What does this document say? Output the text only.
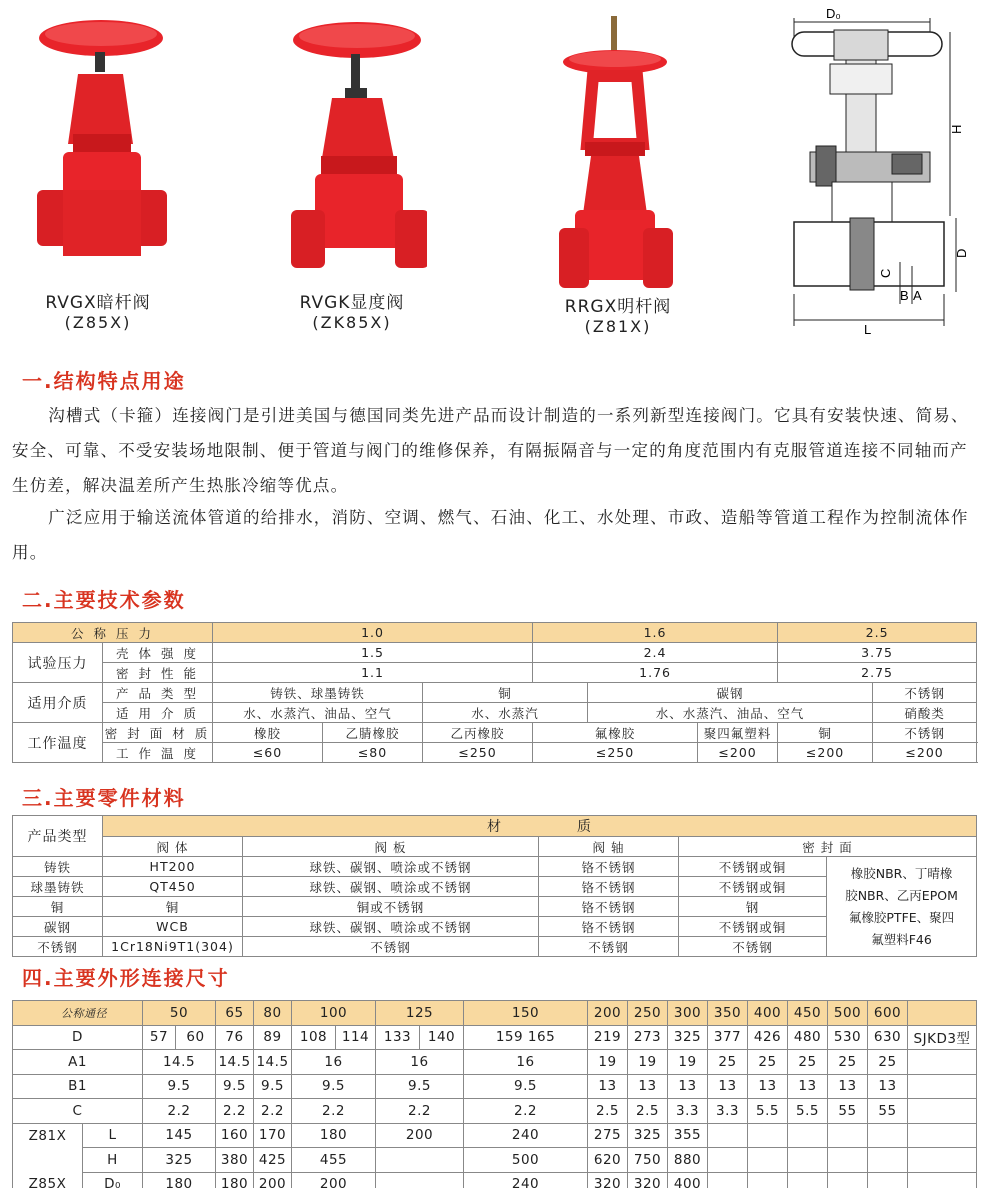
RVGX暗杆阀
(Z85X)
RVGK显度阀
(ZK85X)
RRGX明杆阀
(Z81X)
D₀
H
D
C
B A
L
一.结构特点用途
沟槽式（卡箍）连接阀门是引进美国与德国同类先进产品而设计制造的一系列新型连接阀门。它具有安装快速、简易、安全、可靠、不受安装场地限制、便于管道与阀门的维修保养，有隔振隔音与一定的角度范围内有克服管道连接不同轴而产生仿差，解决温差所产生热胀冷缩等优点。
广泛应用于输送流体管道的给排水，消防、空调、燃气、石油、化工、水处理、市政、造船等管道工程作为控制流体作用。
二.主要技术参数
公 称 压 力		1.0			1.6			2.5	
试验压力	壳 体 强 度	1.5			2.4			3.75	
	密 封 性 能	1.1			1.76			2.75	
适用介质	产 品 类 型	铸铁、球墨铸铁		铜		碳钢			不锈钢
	适 用 介 质	水、水蒸汽、油品、空气		水、水蒸汽		水、水蒸汽、油品、空气			硝酸类
工作温度	密 封 面 材 质	橡胶	乙腈橡胶	乙丙橡胶	氟橡胶		聚四氟塑料	铜	不锈钢
	工 作 温 度	≤60	≤80	≤250	≤250		≤200	≤200	≤200
三.主要零件材料
产品类型	材　　　　　质				
	阀 体	阀 板	阀 轴	密 封 面	
铸铁	HT200	球铁、碳钢、喷涂或不锈钢	铬不锈钢	不锈钢或铜	橡胶NBR、丁晴橡
胶NBR、乙丙EPOM
氟橡胶PTFE、聚四
氟塑料F46

球墨铸铁	QT450	球铁、碳钢、喷涂或不锈钢	铬不锈钢	不锈钢或铜	
铜	铜	铜或不锈钢	铬不锈钢	钢	
碳钢	WCB	球铁、碳钢、喷涂或不锈钢	铬不锈钢	不锈钢或铜	
不锈钢	1Cr18Ni9T1(304)	不锈钢	不锈钢	不锈钢	
四.主要外形连接尺寸
公称通径		50		65	80	100		125		150	200	250	300	350	400	450	500	600	
D		57	60	76	89	108	114	133	140	159 165	219	273	325	377	426	480	530	630	SJKD3型
A1		14.5		14.5	14.5	16		16		16	19	19	19	25	25	25	25	25	
B1		9.5		9.5	9.5	9.5		9.5		9.5	13	13	13	13	13	13	13	13	
C		2.2		2.2	2.2	2.2		2.2		2.2	2.5	2.5	3.3	3.3	5.5	5.5	55	55	
Z81X	L	145		160	170	180		200		240	275	325	355						
	H	325		380	425	455				500	620	750	880						
Z85X	D₀	180		180	200	200				240	320	320	400						
